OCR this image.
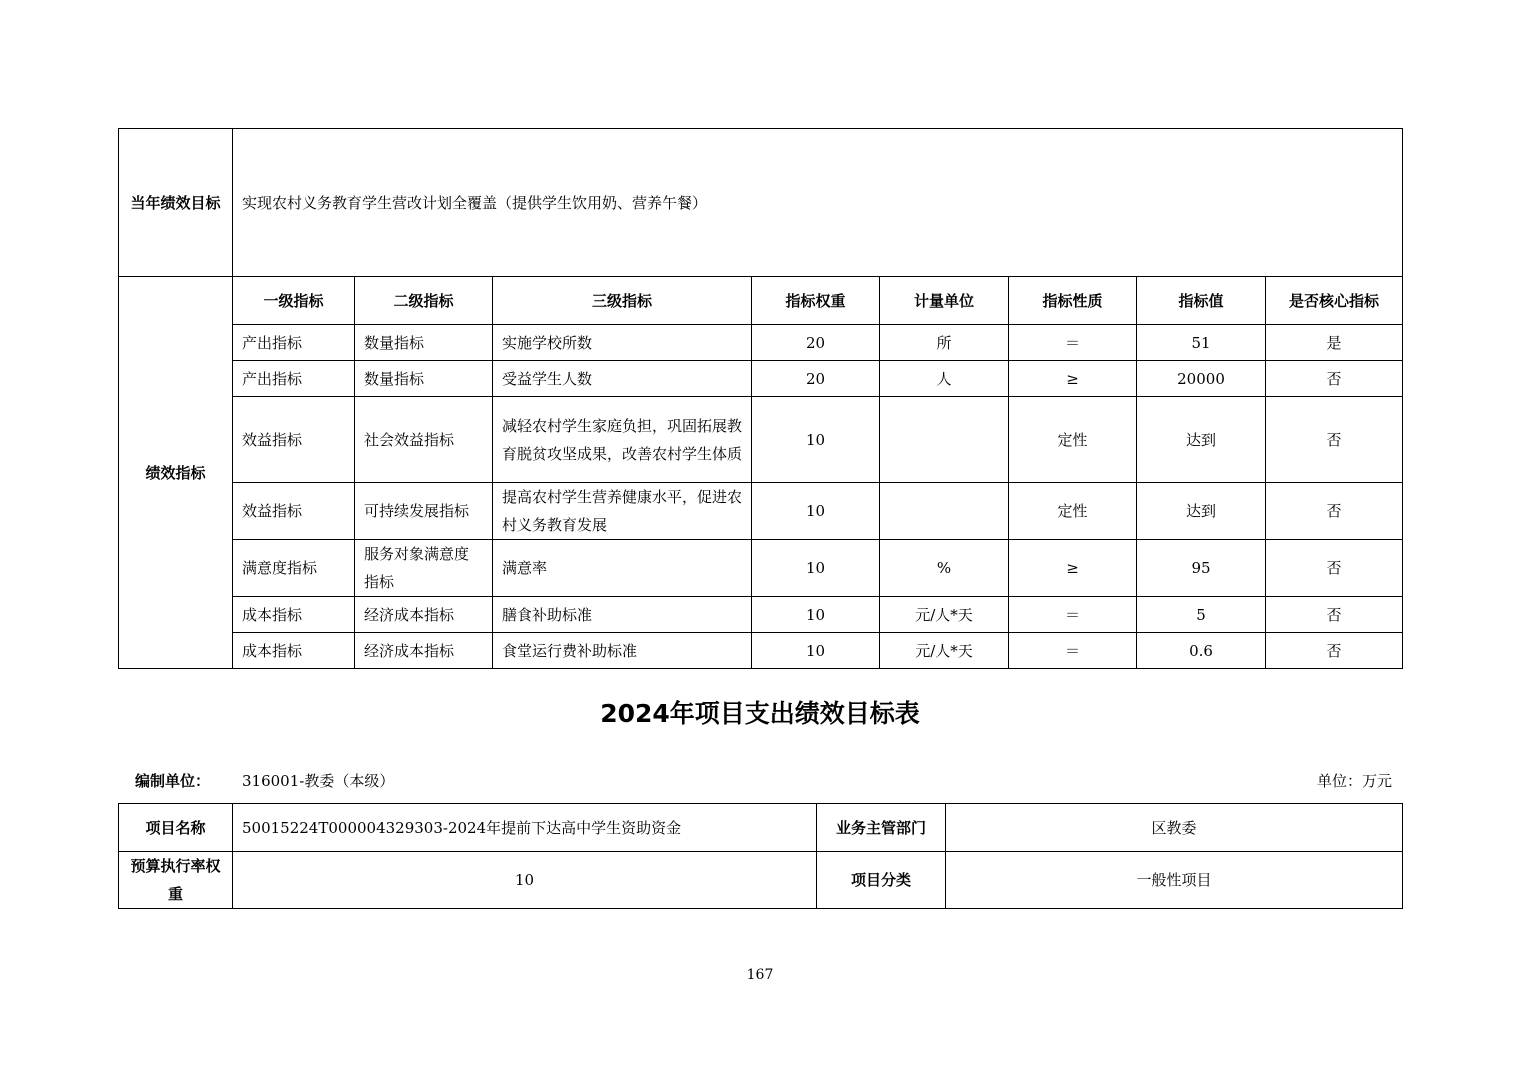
当年绩效目标	实现农村义务教育学生营改计划全覆盖（提供学生饮用奶、营养午餐）							
绩效指标	一级指标	二级指标	三级指标	指标权重	计量单位	指标性质	指标值	是否核心指标
	产出指标	数量指标	实施学校所数	20	所	＝	51	是
	产出指标	数量指标	受益学生人数	20	人	≥	20000	否
	效益指标	社会效益指标	减轻农村学生家庭负担，巩固拓展教育脱贫攻坚成果，改善农村学生体质	10		定性	达到	否
	效益指标	可持续发展指标	提高农村学生营养健康水平，促进农村义务教育发展	10		定性	达到	否
	满意度指标	服务对象满意度指标	满意率	10	%	≥	95	否
	成本指标	经济成本指标	膳食补助标准	10	元/人*天	＝	5	否
	成本指标	经济成本指标	食堂运行费补助标准	10	元/人*天	＝	0.6	否
2024年项目支出绩效目标表
编制单位： 316001-教委（本级）	单位：万元
项目名称	50015224T000004329303-2024年提前下达高中学生资助资金	业务主管部门	区教委
预算执行率权重	10	项目分类	一般性项目
167
